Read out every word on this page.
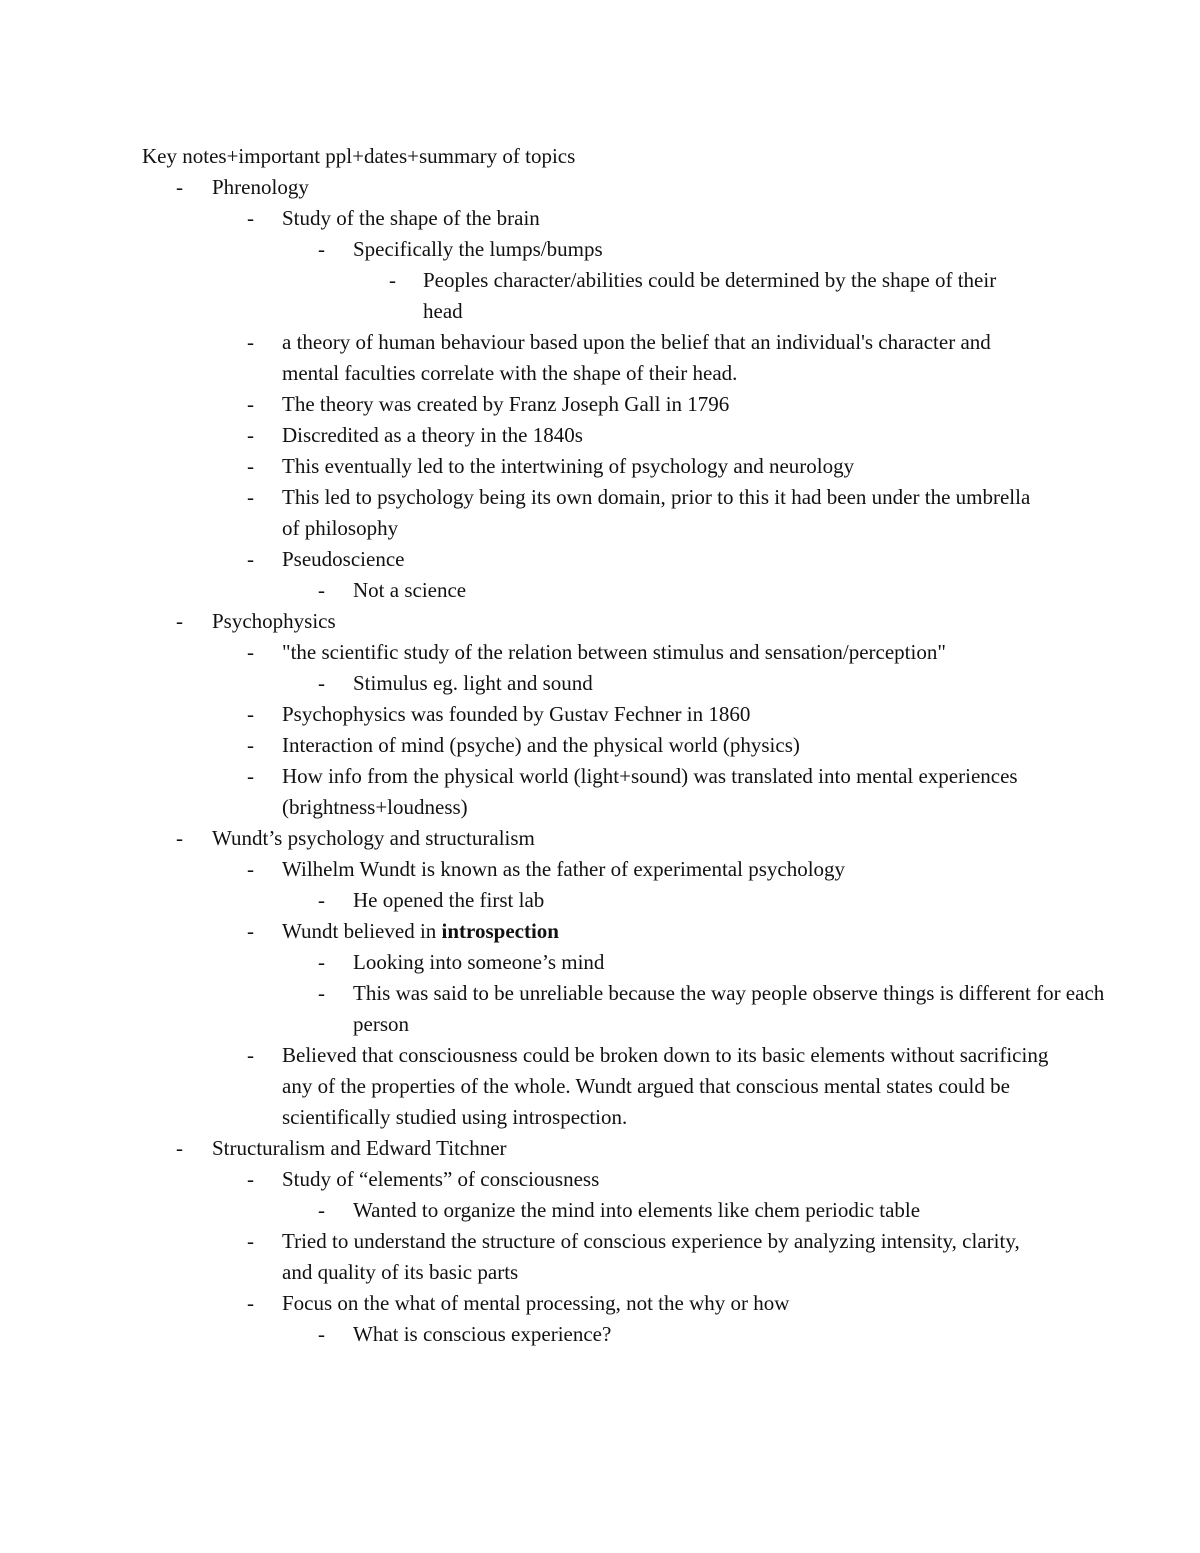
Key notes+important ppl+dates+summary of topics
- Phrenology
- Study of the shape of the brain
- Specifically the lumps/bumps
- Peoples character/abilities could be determined by the shape of their head
- a theory of human behaviour based upon the belief that an individual's character and mental faculties correlate with the shape of their head.
- The theory was created by Franz Joseph Gall in 1796
- Discredited as a theory in the 1840s
- This eventually led to the intertwining of psychology and neurology
- This led to psychology being its own domain, prior to this it had been under the umbrella of philosophy
- Pseudoscience
- Not a science
- Psychophysics
- "the scientific study of the relation between stimulus and sensation/perception"
- Stimulus eg. light and sound
- Psychophysics was founded by Gustav Fechner in 1860
- Interaction of mind (psyche) and the physical world (physics)
- How info from the physical world (light+sound) was translated into mental experiences (brightness+loudness)
- Wundt’s psychology and structuralism
- Wilhelm Wundt is known as the father of experimental psychology
- He opened the first lab
- Wundt believed in introspection
- Looking into someone’s mind
- This was said to be unreliable because the way people observe things is different for each person
- Believed that consciousness could be broken down to its basic elements without sacrificing any of the properties of the whole. Wundt argued that conscious mental states could be scientifically studied using introspection.
- Structuralism and Edward Titchner
- Study of “elements” of consciousness
- Wanted to organize the mind into elements like chem periodic table
- Tried to understand the structure of conscious experience by analyzing intensity, clarity, and quality of its basic parts
- Focus on the what of mental processing, not the why or how
- What is conscious experience?
